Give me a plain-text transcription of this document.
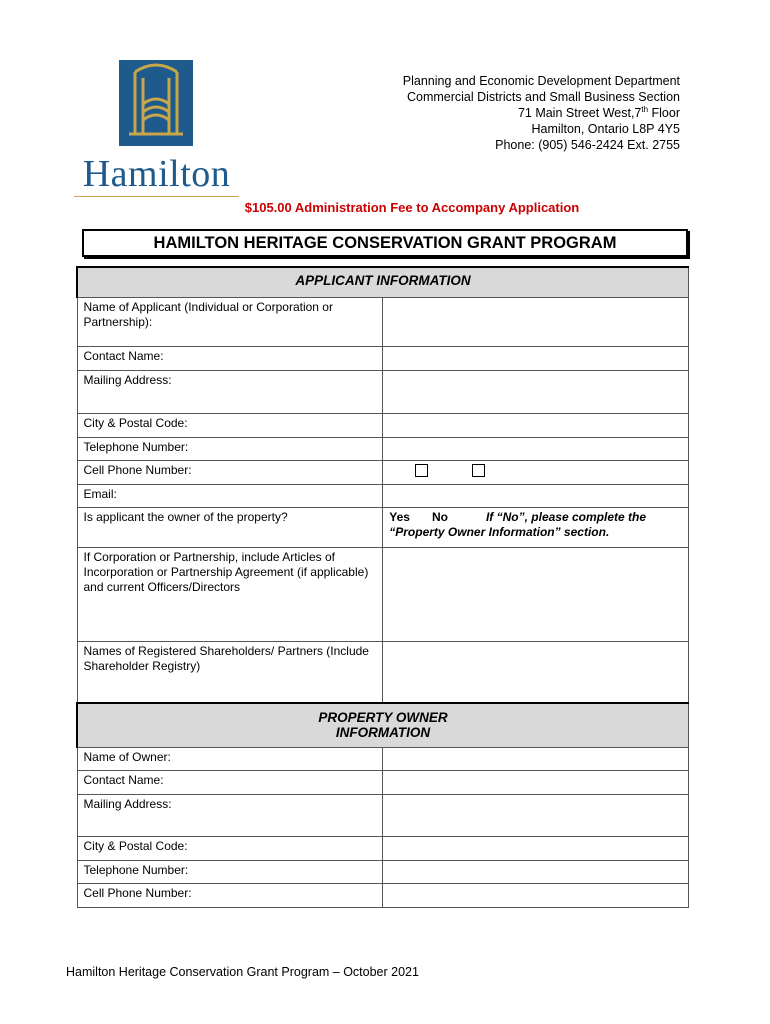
Hamilton
Planning and Economic Development Department
Commercial Districts and Small Business Section
71 Main Street West,7th Floor
Hamilton, Ontario L8P 4Y5
Phone: (905) 546-2424 Ext. 2755
$105.00 Administration Fee to Accompany Application
HAMILTON HERITAGE CONSERVATION GRANT PROGRAM
APPLICANT INFORMATION	
Name of Applicant (Individual or Corporation or Partnership):	
Contact Name:	
Mailing Address:	
City & Postal Code:	
Telephone Number:	
Cell Phone Number:	
Email:	
Is applicant the owner of the property?	Yes No If “No”, please complete the “Property Owner Information” section.
If Corporation or Partnership, include Articles of Incorporation or Partnership Agreement (if applicable) and current Officers/Directors	
Names of Registered Shareholders/ Partners (Include Shareholder Registry)	

PROPERTY OWNER
INFORMATION	

Name of Owner:	
Contact Name:	
Mailing Address:	
City & Postal Code:	
Telephone Number:	
Cell Phone Number:	
Hamilton Heritage Conservation Grant Program – October 2021
